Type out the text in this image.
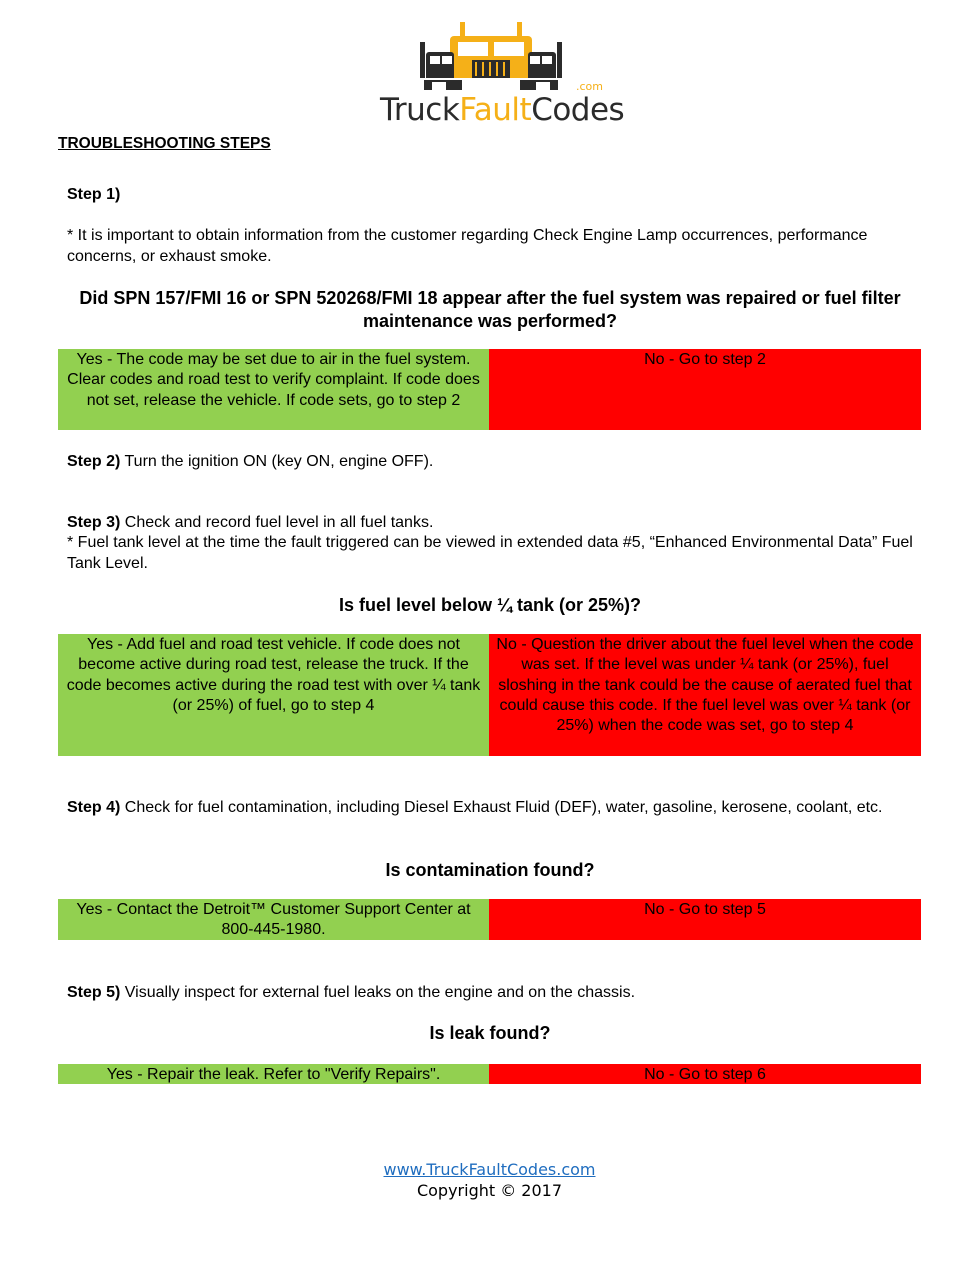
.com
TruckFaultCodes
TROUBLESHOOTING STEPS
Step 1)
* It is important to obtain information from the customer regarding Check Engine Lamp occurrences, performance concerns, or exhaust smoke.
Did SPN 157/FMI 16 or SPN 520268/FMI 18 appear after the fuel system was repaired or fuel filter maintenance was performed?
Yes - The code may be set due to air in the fuel system. Clear codes and road test to verify complaint. If code does not set, release the vehicle. If code sets, go to step 2
No - Go to step 2
Step 2) Turn the ignition ON (key ON, engine OFF).
Step 3) Check and record fuel level in all fuel tanks.
* Fuel tank level at the time the fault triggered can be viewed in extended data #5, “Enhanced Environmental Data” Fuel Tank Level.
Is fuel level below ¼ tank (or 25%)?
Yes - Add fuel and road test vehicle. If code does not become active during road test, release the truck. If the code becomes active during the road test with over ¼ tank (or 25%) of fuel, go to step 4
No - Question the driver about the fuel level when the code was set. If the level was under ¼ tank (or 25%), fuel sloshing in the tank could be the cause of aerated fuel that could cause this code. If the fuel level was over ¼ tank (or 25%) when the code was set, go to step 4
Step 4) Check for fuel contamination, including Diesel Exhaust Fluid (DEF), water, gasoline, kerosene, coolant, etc.
Is contamination found?
Yes - Contact the Detroit™ Customer Support Center at 800-445-1980.
No - Go to step 5
Step 5) Visually inspect for external fuel leaks on the engine and on the chassis.
Is leak found?
Yes - Repair the leak. Refer to "Verify Repairs".	No - Go to step 6
www.TruckFaultCodes.com
Copyright © 2017
